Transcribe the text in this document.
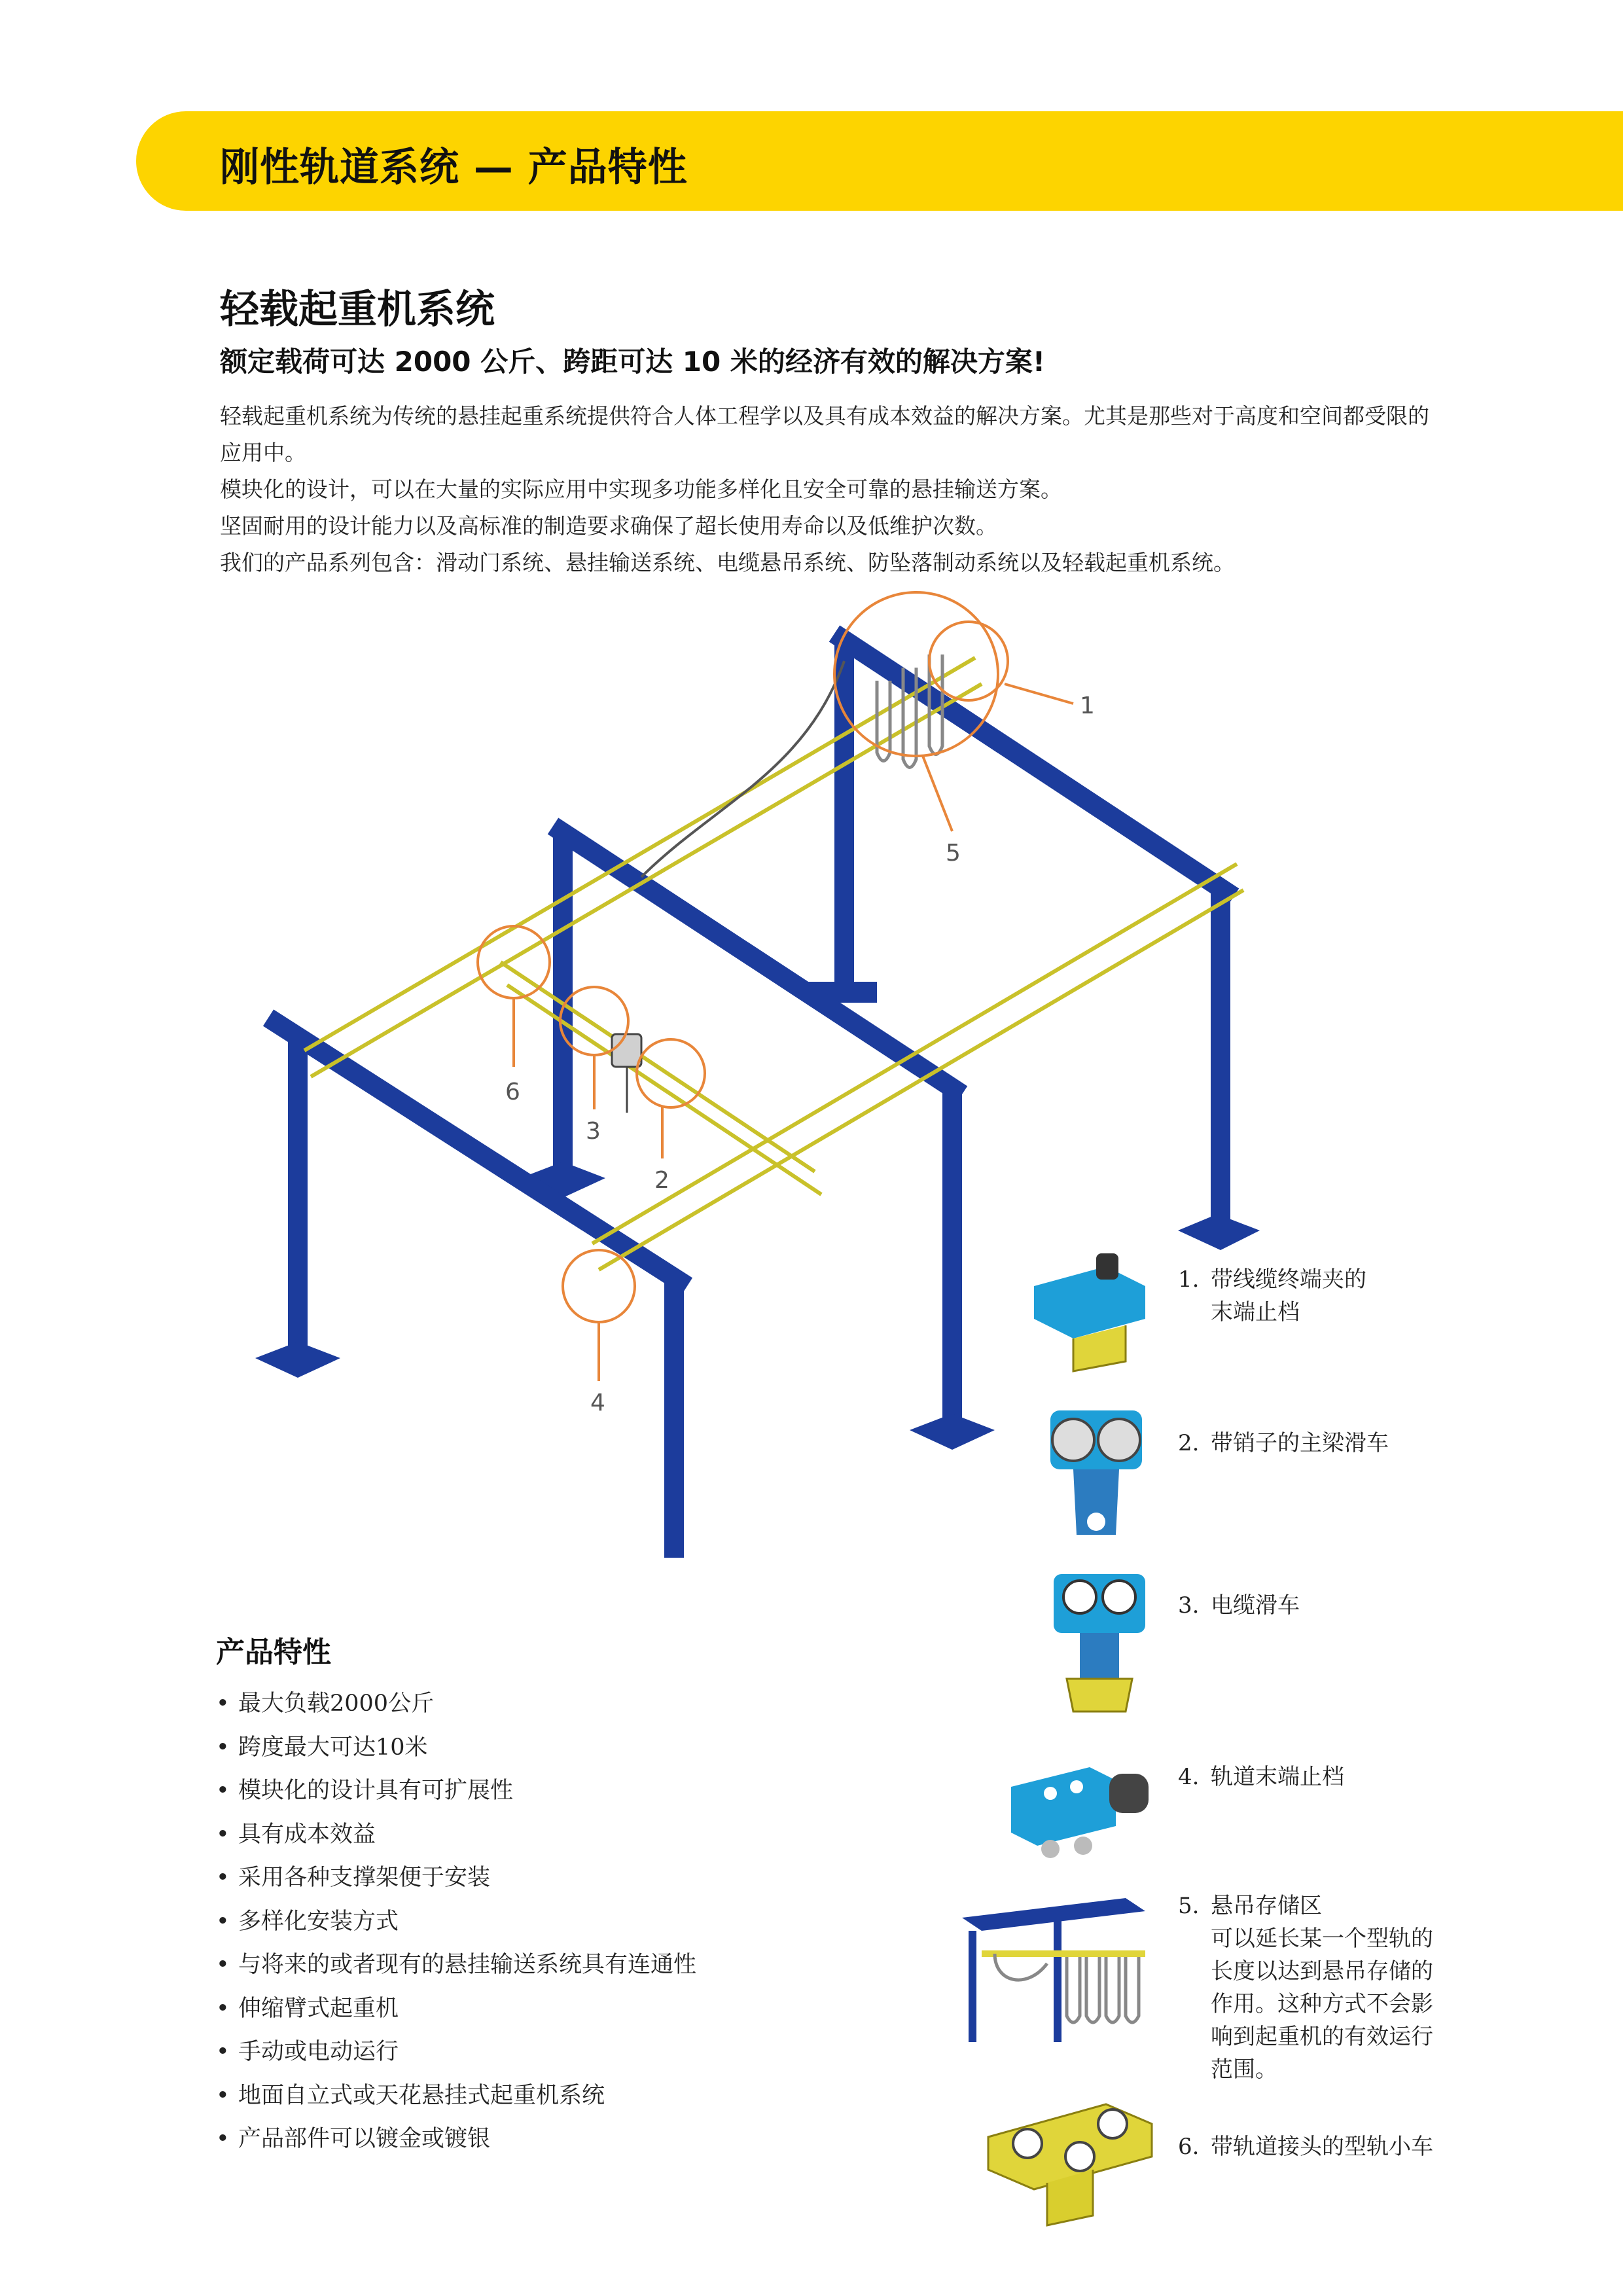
刚性轨道系统 — 产品特性
轻载起重机系统
额定载荷可达 2000 公斤、跨距可达 10 米的经济有效的解决方案!

轻载起重机系统为传统的悬挂起重系统提供符合人体工程学以及具有成本效益的解决方案。尤其是那些对于高度和空间都受限的应用中。

模块化的设计，可以在大量的实际应用中实现多功能多样化且安全可靠的悬挂输送方案。

坚固耐用的设计能力以及高标准的制造要求确保了超长使用寿命以及低维护次数。

我们的产品系列包含：滑动门系统、悬挂输送系统、电缆悬吊系统、防坠落制动系统以及轻载起重机系统。

1
5
6
3
2
4
产品特性
• 最大负载2000公斤
• 跨度最大可达10米
• 模块化的设计具有可扩展性
• 具有成本效益
• 采用各种支撑架便于安装
• 多样化安装方式
• 与将来的或者现有的悬挂输送系统具有连通性
• 伸缩臂式起重机
• 手动或电动运行
• 地面自立式或天花悬挂式起重机系统
• 产品部件可以镀金或镀银
1. 带线缆终端夹的
末端止档
2. 带销子的主梁滑车
3. 电缆滑车
4. 轨道末端止档
5. 悬吊存储区
可以延长某一个型轨的
长度以达到悬吊存储的
作用。这种方式不会影
响到起重机的有效运行
范围。
6. 带轨道接头的型轨小车
